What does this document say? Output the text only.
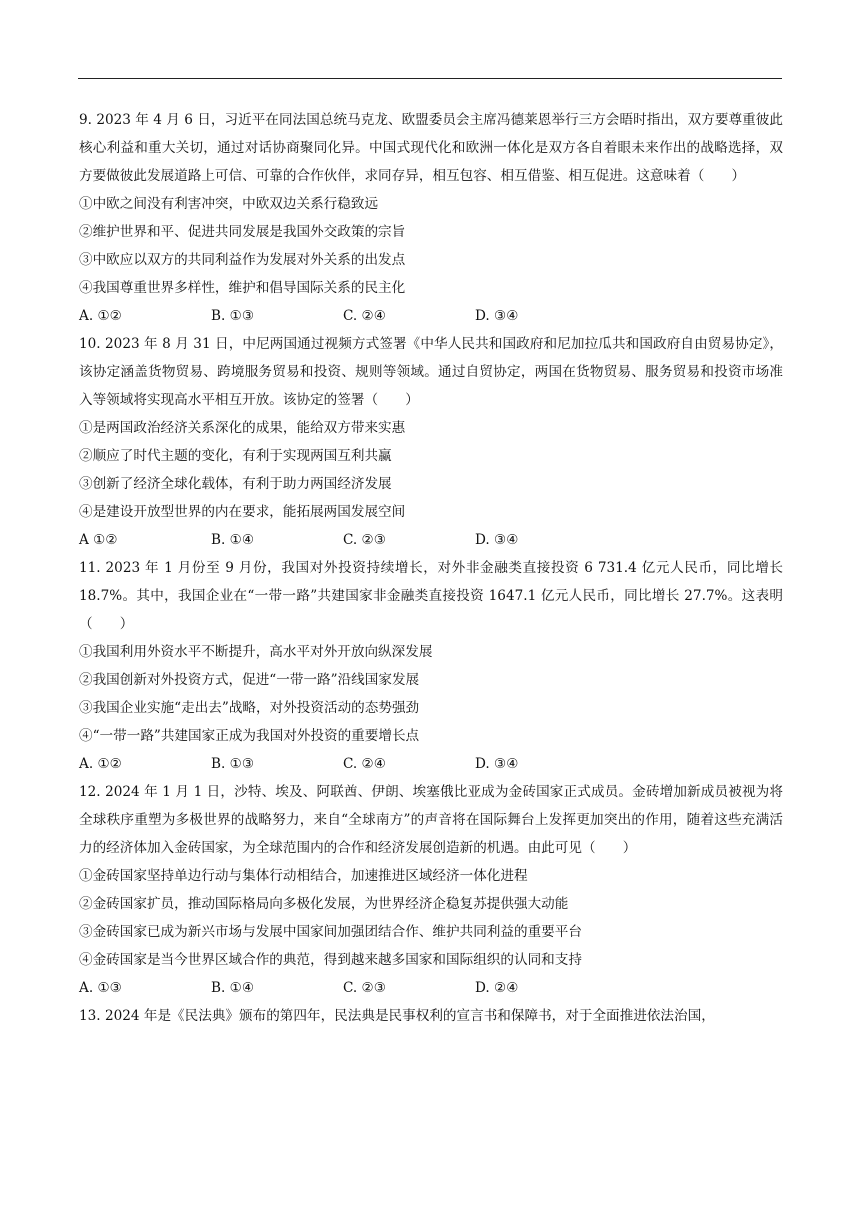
9. 2023 年 4 月 6 日，习近平在同法国总统马克龙、欧盟委员会主席冯德莱恩举行三方会晤时指出，双方要尊重彼此核心利益和重大关切，通过对话协商聚同化异。中国式现代化和欧洲一体化是双方各自着眼未来作出的战略选择，双方要做彼此发展道路上可信、可靠的合作伙伴，求同存异，相互包容、相互借鉴、相互促进。这意味着（　　）

①中欧之间没有利害冲突，中欧双边关系行稳致远

②维护世界和平、促进共同发展是我国外交政策的宗旨

③中欧应以双方的共同利益作为发展对外关系的出发点

④我国尊重世界多样性，维护和倡导国际关系的民主化

A. ①②	B. ①③	C. ②④	D. ③④

10. 2023 年 8 月 31 日，中尼两国通过视频方式签署《中华人民共和国政府和尼加拉瓜共和国政府自由贸易协定》，该协定涵盖货物贸易、跨境服务贸易和投资、规则等领域。通过自贸协定，两国在货物贸易、服务贸易和投资市场准入等领域将实现高水平相互开放。该协定的签署（　　）

①是两国政治经济关系深化的成果，能给双方带来实惠

②顺应了时代主题的变化，有利于实现两国互利共赢

③创新了经济全球化载体，有利于助力两国经济发展

④是建设开放型世界的内在要求，能拓展两国发展空间

A ①②	B. ①④	C. ②③	D. ③④

11. 2023 年 1 月份至 9 月份，我国对外投资持续增长，对外非金融类直接投资 6 731.4 亿元人民币，同比增长 18.7%。其中，我国企业在“一带一路”共建国家非金融类直接投资 1647.1 亿元人民币，同比增长 27.7%。这表明（　　）

①我国利用外资水平不断提升，高水平对外开放向纵深发展

②我国创新对外投资方式，促进“一带一路”沿线国家发展

③我国企业实施“走出去”战略，对外投资活动的态势强劲

④“一带一路”共建国家正成为我国对外投资的重要增长点

A. ①②	B. ①③	C. ②④	D. ③④

12. 2024 年 1 月 1 日，沙特、埃及、阿联酋、伊朗、埃塞俄比亚成为金砖国家正式成员。金砖增加新成员被视为将全球秩序重塑为多极世界的战略努力，来自“全球南方”的声音将在国际舞台上发挥更加突出的作用，随着这些充满活力的经济体加入金砖国家，为全球范围内的合作和经济发展创造新的机遇。由此可见（　　）

①金砖国家坚持单边行动与集体行动相结合，加速推进区域经济一体化进程

②金砖国家扩员，推动国际格局向多极化发展，为世界经济企稳复苏提供强大动能

③金砖国家已成为新兴市场与发展中国家间加强团结合作、维护共同利益的重要平台

④金砖国家是当今世界区域合作的典范，得到越来越多国家和国际组织的认同和支持

A. ①③	B. ①④	C. ②③	D. ②④

13. 2024 年是《民法典》颁布的第四年，民法典是民事权利的宣言书和保障书，对于全面推进依法治国，
